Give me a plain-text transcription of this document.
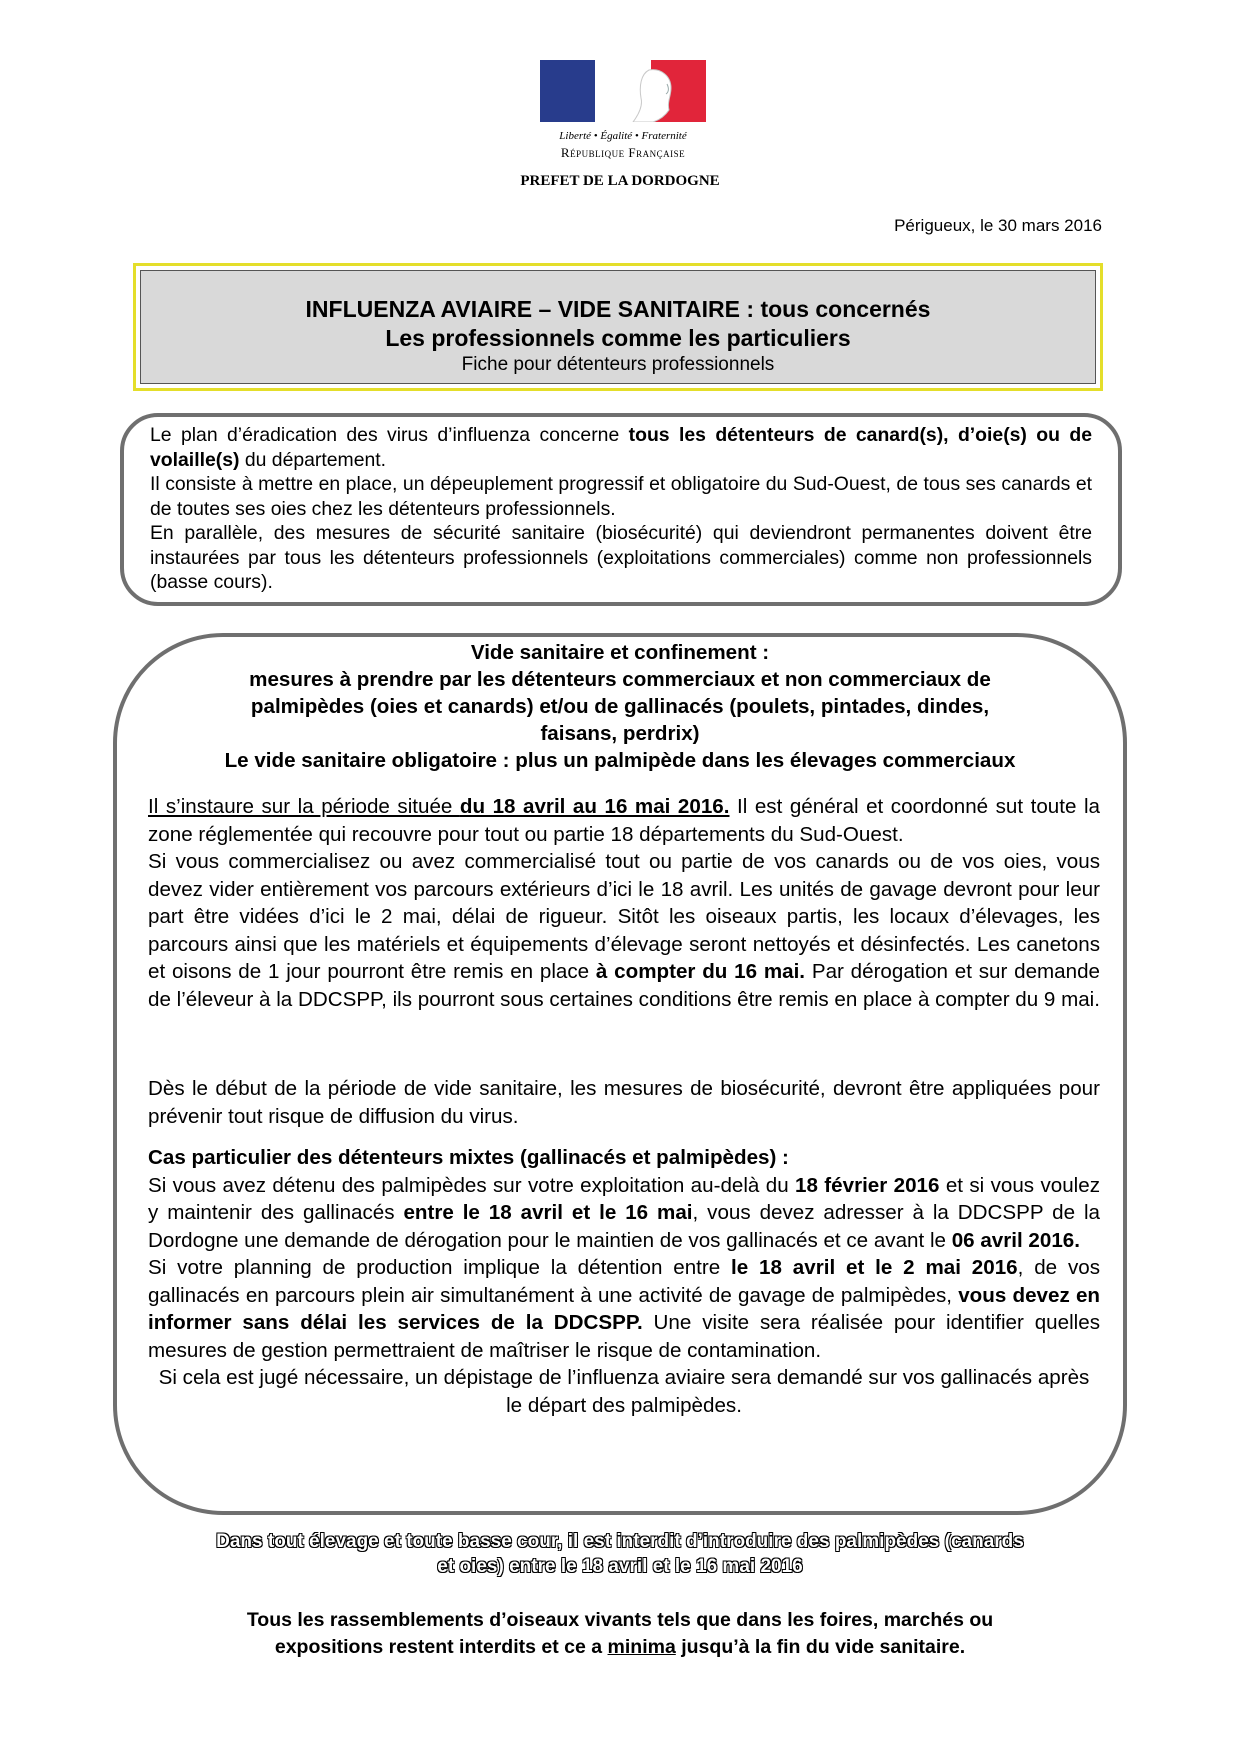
Liberté • Égalité • Fraternité
République Française
PREFET DE LA DORDOGNE
Périgueux, le 30 mars 2016
INFLUENZA AVIAIRE – VIDE SANITAIRE : tous concernés
Les professionnels comme les particuliers
Fiche pour détenteurs professionnels

Le plan d’éradication des virus d’influenza concerne tous les détenteurs de canard(s), d’oie(s) ou de volaille(s) du département.

Il consiste à mettre en place, un dépeuplement progressif et obligatoire du Sud-Ouest, de tous ses canards et de toutes ses oies chez les détenteurs professionnels.

En parallèle, des mesures de sécurité sanitaire (biosécurité) qui deviendront permanentes doivent être instaurées par tous les détenteurs professionnels (exploitations commerciales) comme non professionnels (basse cours).

Vide sanitaire et confinement :
mesures à prendre par les détenteurs commerciaux et non commerciaux de
palmipèdes (oies et canards) et/ou de gallinacés (poulets, pintades, dindes,
faisans, perdrix)
Le vide sanitaire obligatoire : plus un palmipède dans les élevages commerciaux

Il s’instaure sur la période située du 18 avril au 16 mai 2016. Il est général et coordonné sut toute la zone réglementée qui recouvre pour tout ou partie 18 départements du Sud-Ouest.

Si vous commercialisez ou avez commercialisé tout ou partie de vos canards ou de vos oies, vous devez vider entièrement vos parcours extérieurs d’ici le 18 avril. Les unités de gavage devront pour leur part être vidées d’ici le 2 mai, délai de rigueur. Sitôt les oiseaux partis, les locaux d’élevages, les parcours ainsi que les matériels et équipements d’élevage seront nettoyés et désinfectés. Les canetons et oisons de 1 jour pourront être remis en place à compter du 16 mai. Par dérogation et sur demande de l’éleveur à la DDCSPP, ils pourront sous certaines conditions être remis en place à compter du 9 mai.

Dès le début de la période de vide sanitaire, les mesures de biosécurité, devront être appliquées pour prévenir tout risque de diffusion du virus.

Cas particulier des détenteurs mixtes (gallinacés et palmipèdes) :

Si vous avez détenu des palmipèdes sur votre exploitation au-delà du 18 février 2016 et si vous voulez y maintenir des gallinacés entre le 18 avril et le 16 mai, vous devez adresser à la DDCSPP de la Dordogne une demande de dérogation pour le maintien de vos gallinacés et ce avant le 06 avril 2016.

Si votre planning de production implique la détention entre le 18 avril et le 2 mai 2016, de vos gallinacés en parcours plein air simultanément à une activité de gavage de palmipèdes, vous devez en informer sans délai les services de la DDCSPP. Une visite sera réalisée pour identifier quelles mesures de gestion permettraient de maîtriser le risque de contamination.

Si cela est jugé nécessaire, un dépistage de l’influenza aviaire sera demandé sur vos gallinacés après le départ des palmipèdes.

Dans tout élevage et toute basse cour, il est interdit d’introduire des palmipèdes (canards
et oies) entre le 18 avril et le 16 mai 2016
Tous les rassemblements d’oiseaux vivants tels que dans les foires, marchés ou
expositions restent interdits et ce a minima jusqu’à la fin du vide sanitaire.
